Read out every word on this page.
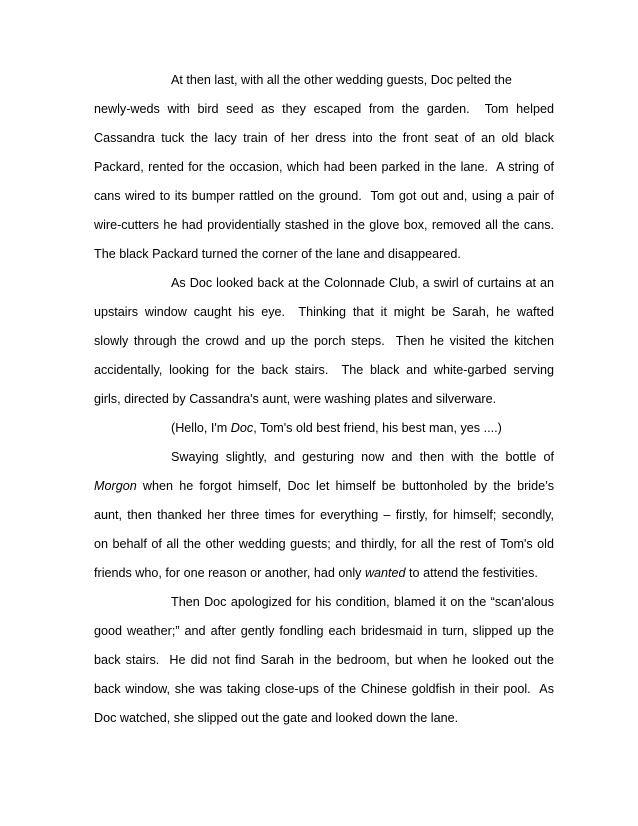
At then last, with all the other wedding guests, Doc pelted the
newly-weds with bird seed as they escaped from the garden.  Tom helped
Cassandra tuck the lacy train of her dress into the front seat of an old black
Packard, rented for the occasion, which had been parked in the lane.  A string of
cans wired to its bumper rattled on the ground.  Tom got out and, using a pair of
wire-cutters he had providentially stashed in the glove box, removed all the cans.
The black Packard turned the corner of the lane and disappeared.
As Doc looked back at the Colonnade Club, a swirl of curtains at an
upstairs window caught his eye.  Thinking that it might be Sarah, he wafted
slowly through the crowd and up the porch steps.  Then he visited the kitchen
accidentally, looking for the back stairs.  The black and white-garbed serving
girls, directed by Cassandra's aunt, were washing plates and silverware.
(Hello, I'm Doc, Tom's old best friend, his best man, yes ....)
Swaying slightly, and gesturing now and then with the bottle of
Morgon when he forgot himself, Doc let himself be buttonholed by the bride’s
aunt, then thanked her three times for everything – firstly, for himself; secondly,
on behalf of all the other wedding guests; and thirdly, for all the rest of Tom's old
friends who, for one reason or another, had only wanted to attend the festivities.
Then Doc apologized for his condition, blamed it on the “scan'alous
good weather;” and after gently fondling each bridesmaid in turn, slipped up the
back stairs.  He did not find Sarah in the bedroom, but when he looked out the
back window, she was taking close-ups of the Chinese goldfish in their pool.  As
Doc watched, she slipped out the gate and looked down the lane.
